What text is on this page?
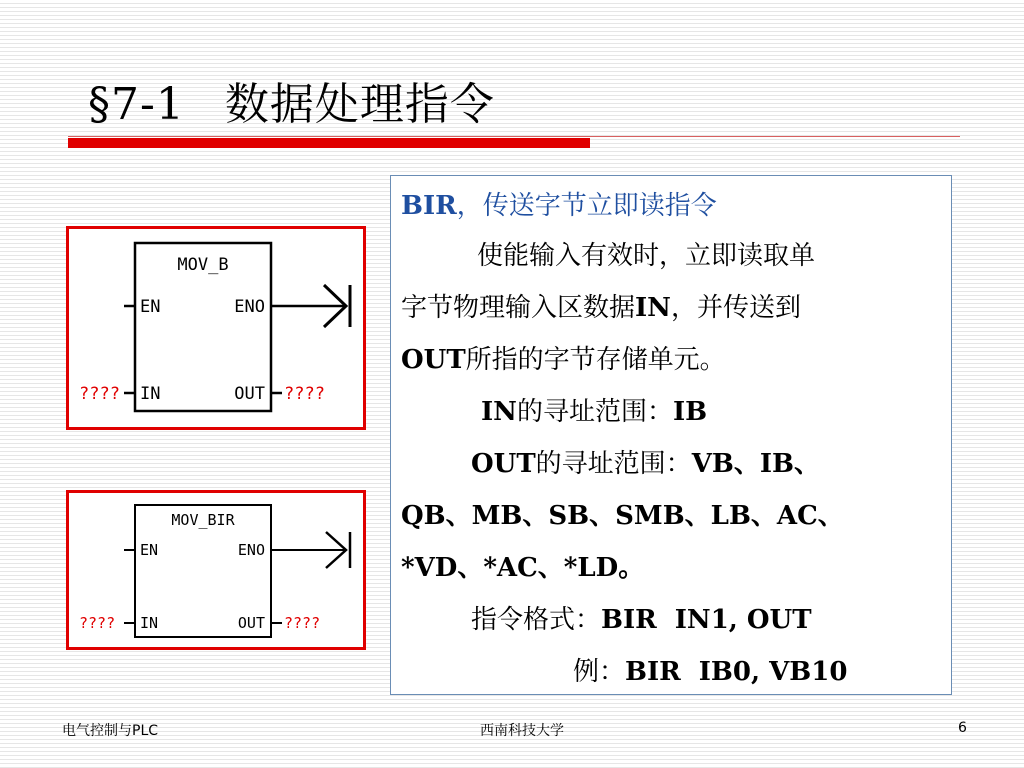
§7-1 数据处理指令
MOV_B
EN	ENO
???? IN	OUT ????
MOV_BIR
EN	ENO
???? IN	OUT ????

BIR，传送字节立即读指令

使能输入有效时，立即读取单

字节物理输入区数据IN，并传送到

OUT所指的字节存储单元。

IN的寻址范围：IB

OUT的寻址范围：VB、IB、

QB、MB、SB、SMB、LB、AC、

*VD、*AC、*LD。

指令格式：BIR IN1, OUT

例：BIR IB0, VB10

电气控制与PLC	西南科技大学	6
